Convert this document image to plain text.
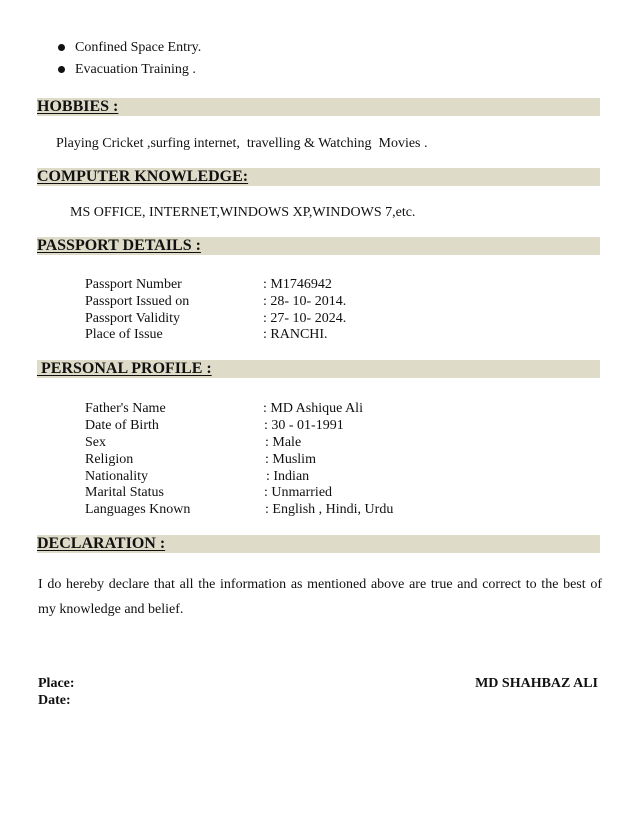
Confined Space Entry.
Evacuation Training .
HOBBIES :
Playing Cricket ,surfing internet,  travelling & Watching  Movies .
COMPUTER KNOWLEDGE:
MS OFFICE, INTERNET,WINDOWS XP,WINDOWS 7,etc.
PASSPORT DETAILS :
Passport Number	: M1746942
Passport Issued on	: 28- 10- 2014.
Passport Validity	: 27- 10- 2024.
Place of Issue	: RANCHI.
PERSONAL PROFILE :
Father's Name	: MD Ashique Ali
Date of Birth	: 30 - 01-1991
Sex	: Male
Religion	: Muslim
Nationality	: Indian
Marital Status	: Unmarried
Languages Known	: English , Hindi, Urdu
DECLARATION :
I do hereby declare that all the information as mentioned above are true and correct to the best of my knowledge and belief.
Place:
Date:
MD SHAHBAZ ALI
